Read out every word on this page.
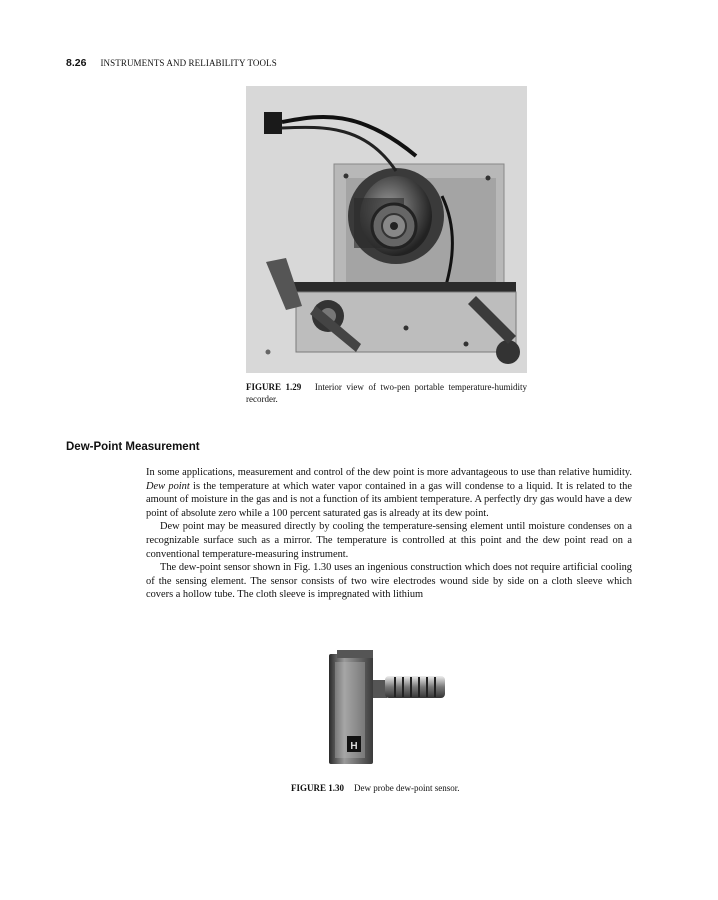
8.26 INSTRUMENTS AND RELIABILITY TOOLS
FIGURE 1.29 Interior view of two-pen portable temperature-humidity recorder.
Dew-Point Measurement

In some applications, measurement and control of the dew point is more advantageous to use than relative humidity. Dew point is the temperature at which water vapor contained in a gas will condense to a liquid. It is related to the amount of moisture in the gas and is not a function of its ambient temperature. A perfectly dry gas would have a dew point of absolute zero while a 100 percent saturated gas is already at its dew point.

Dew point may be measured directly by cooling the temperature-sensing element until moisture condenses on a recognizable surface such as a mirror. The temperature is controlled at this point and the dew point read on a conventional temperature-measuring instrument.

The dew-point sensor shown in Fig. 1.30 uses an ingenious construction which does not require artificial cooling of the sensing element. The sensor consists of two wire electrodes wound side by side on a cloth sleeve which covers a hollow tube. The cloth sleeve is impregnated with lithium

H
FIGURE 1.30 Dew probe dew-point sensor.
